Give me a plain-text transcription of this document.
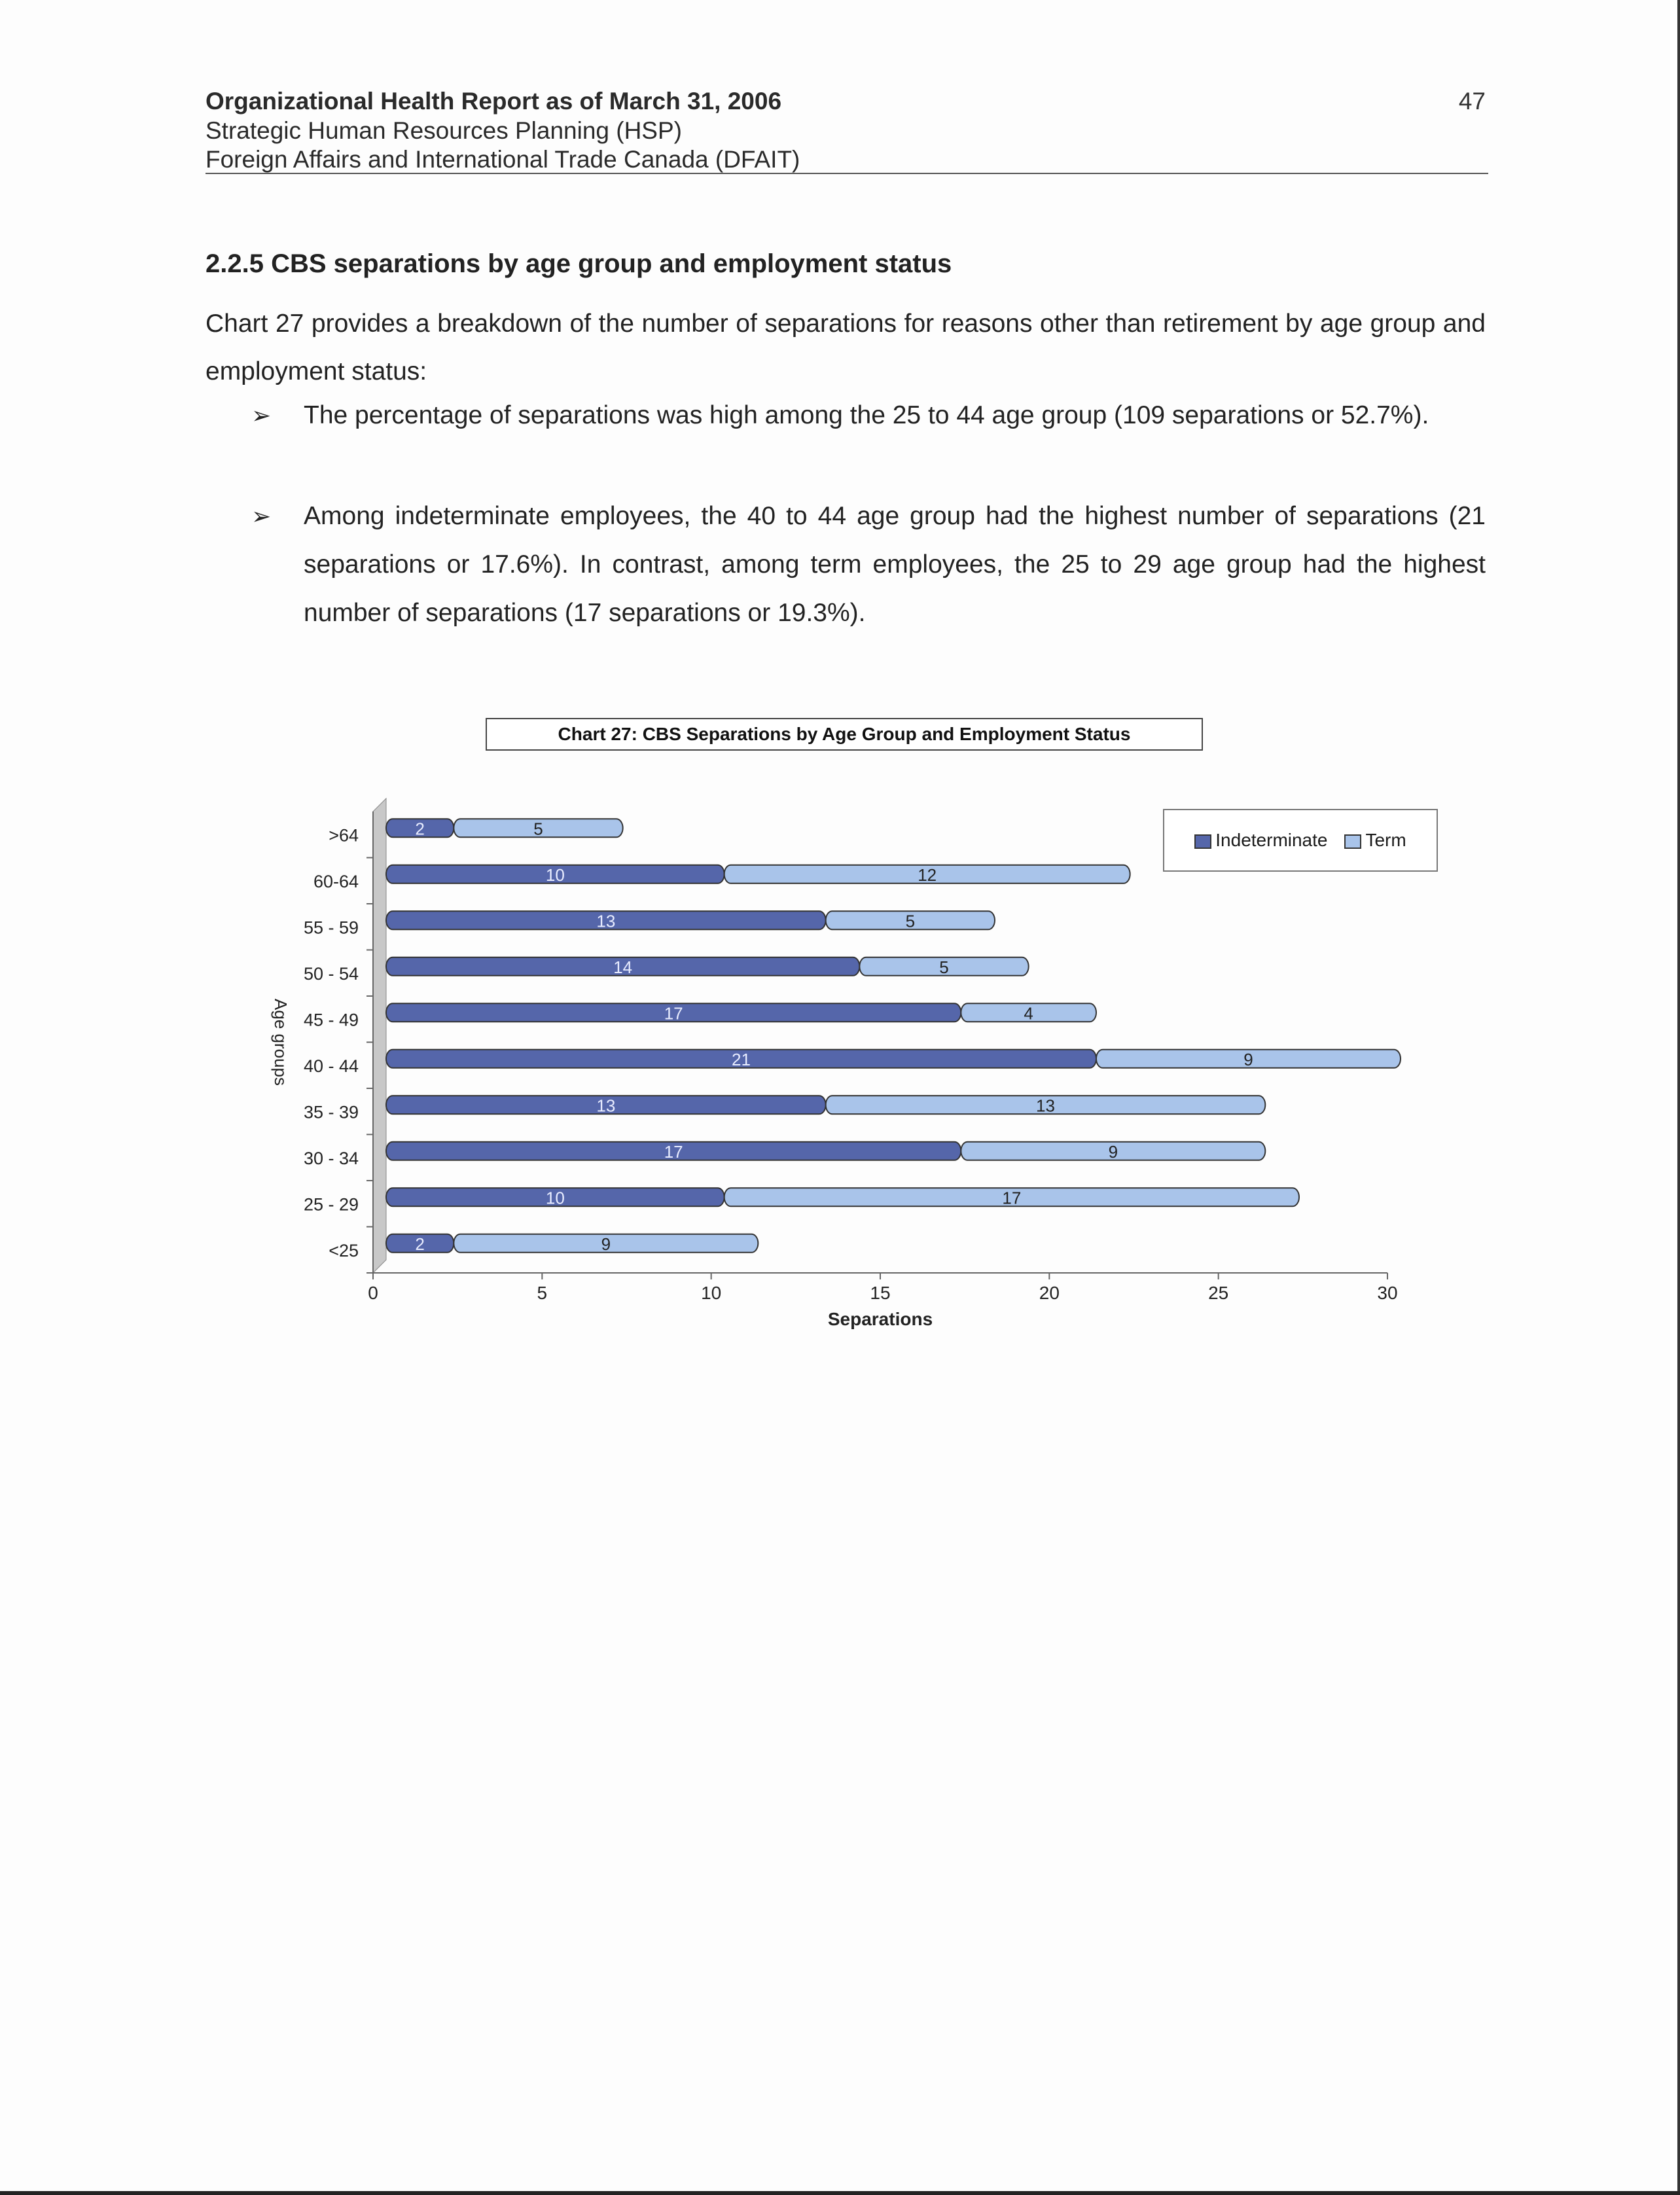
Organizational Health Report as of March 31, 2006
Strategic Human Resources Planning (HSP)
Foreign Affairs and International Trade Canada (DFAIT)
47
2.2.5 CBS separations by age group and employment status
Chart 27 provides a breakdown of the number of separations for reasons other than retirement by age group and employment status:
➢ The percentage of separations was high among the 25 to 44 age group (109 separations or 52.7%).
➢ Among indeterminate employees, the 40 to 44 age group had the highest number of separations (21 separations or 17.6%). In contrast, among term employees, the 25 to 29 age group had the highest number of separations (17 separations or 19.3%).
Chart 27: CBS Separations by Age Group and Employment Status
0	5	10	15	20	25	30
Separations
Age groups
<25	2	9
25 - 29	10	17
30 - 34	17	9
35 - 39	13	13
40 - 44	21	9
45 - 49	17	4
50 - 54	14	5
55 - 59	13	5
60-64	10	12
>64	2	5
Indeterminate	Term
